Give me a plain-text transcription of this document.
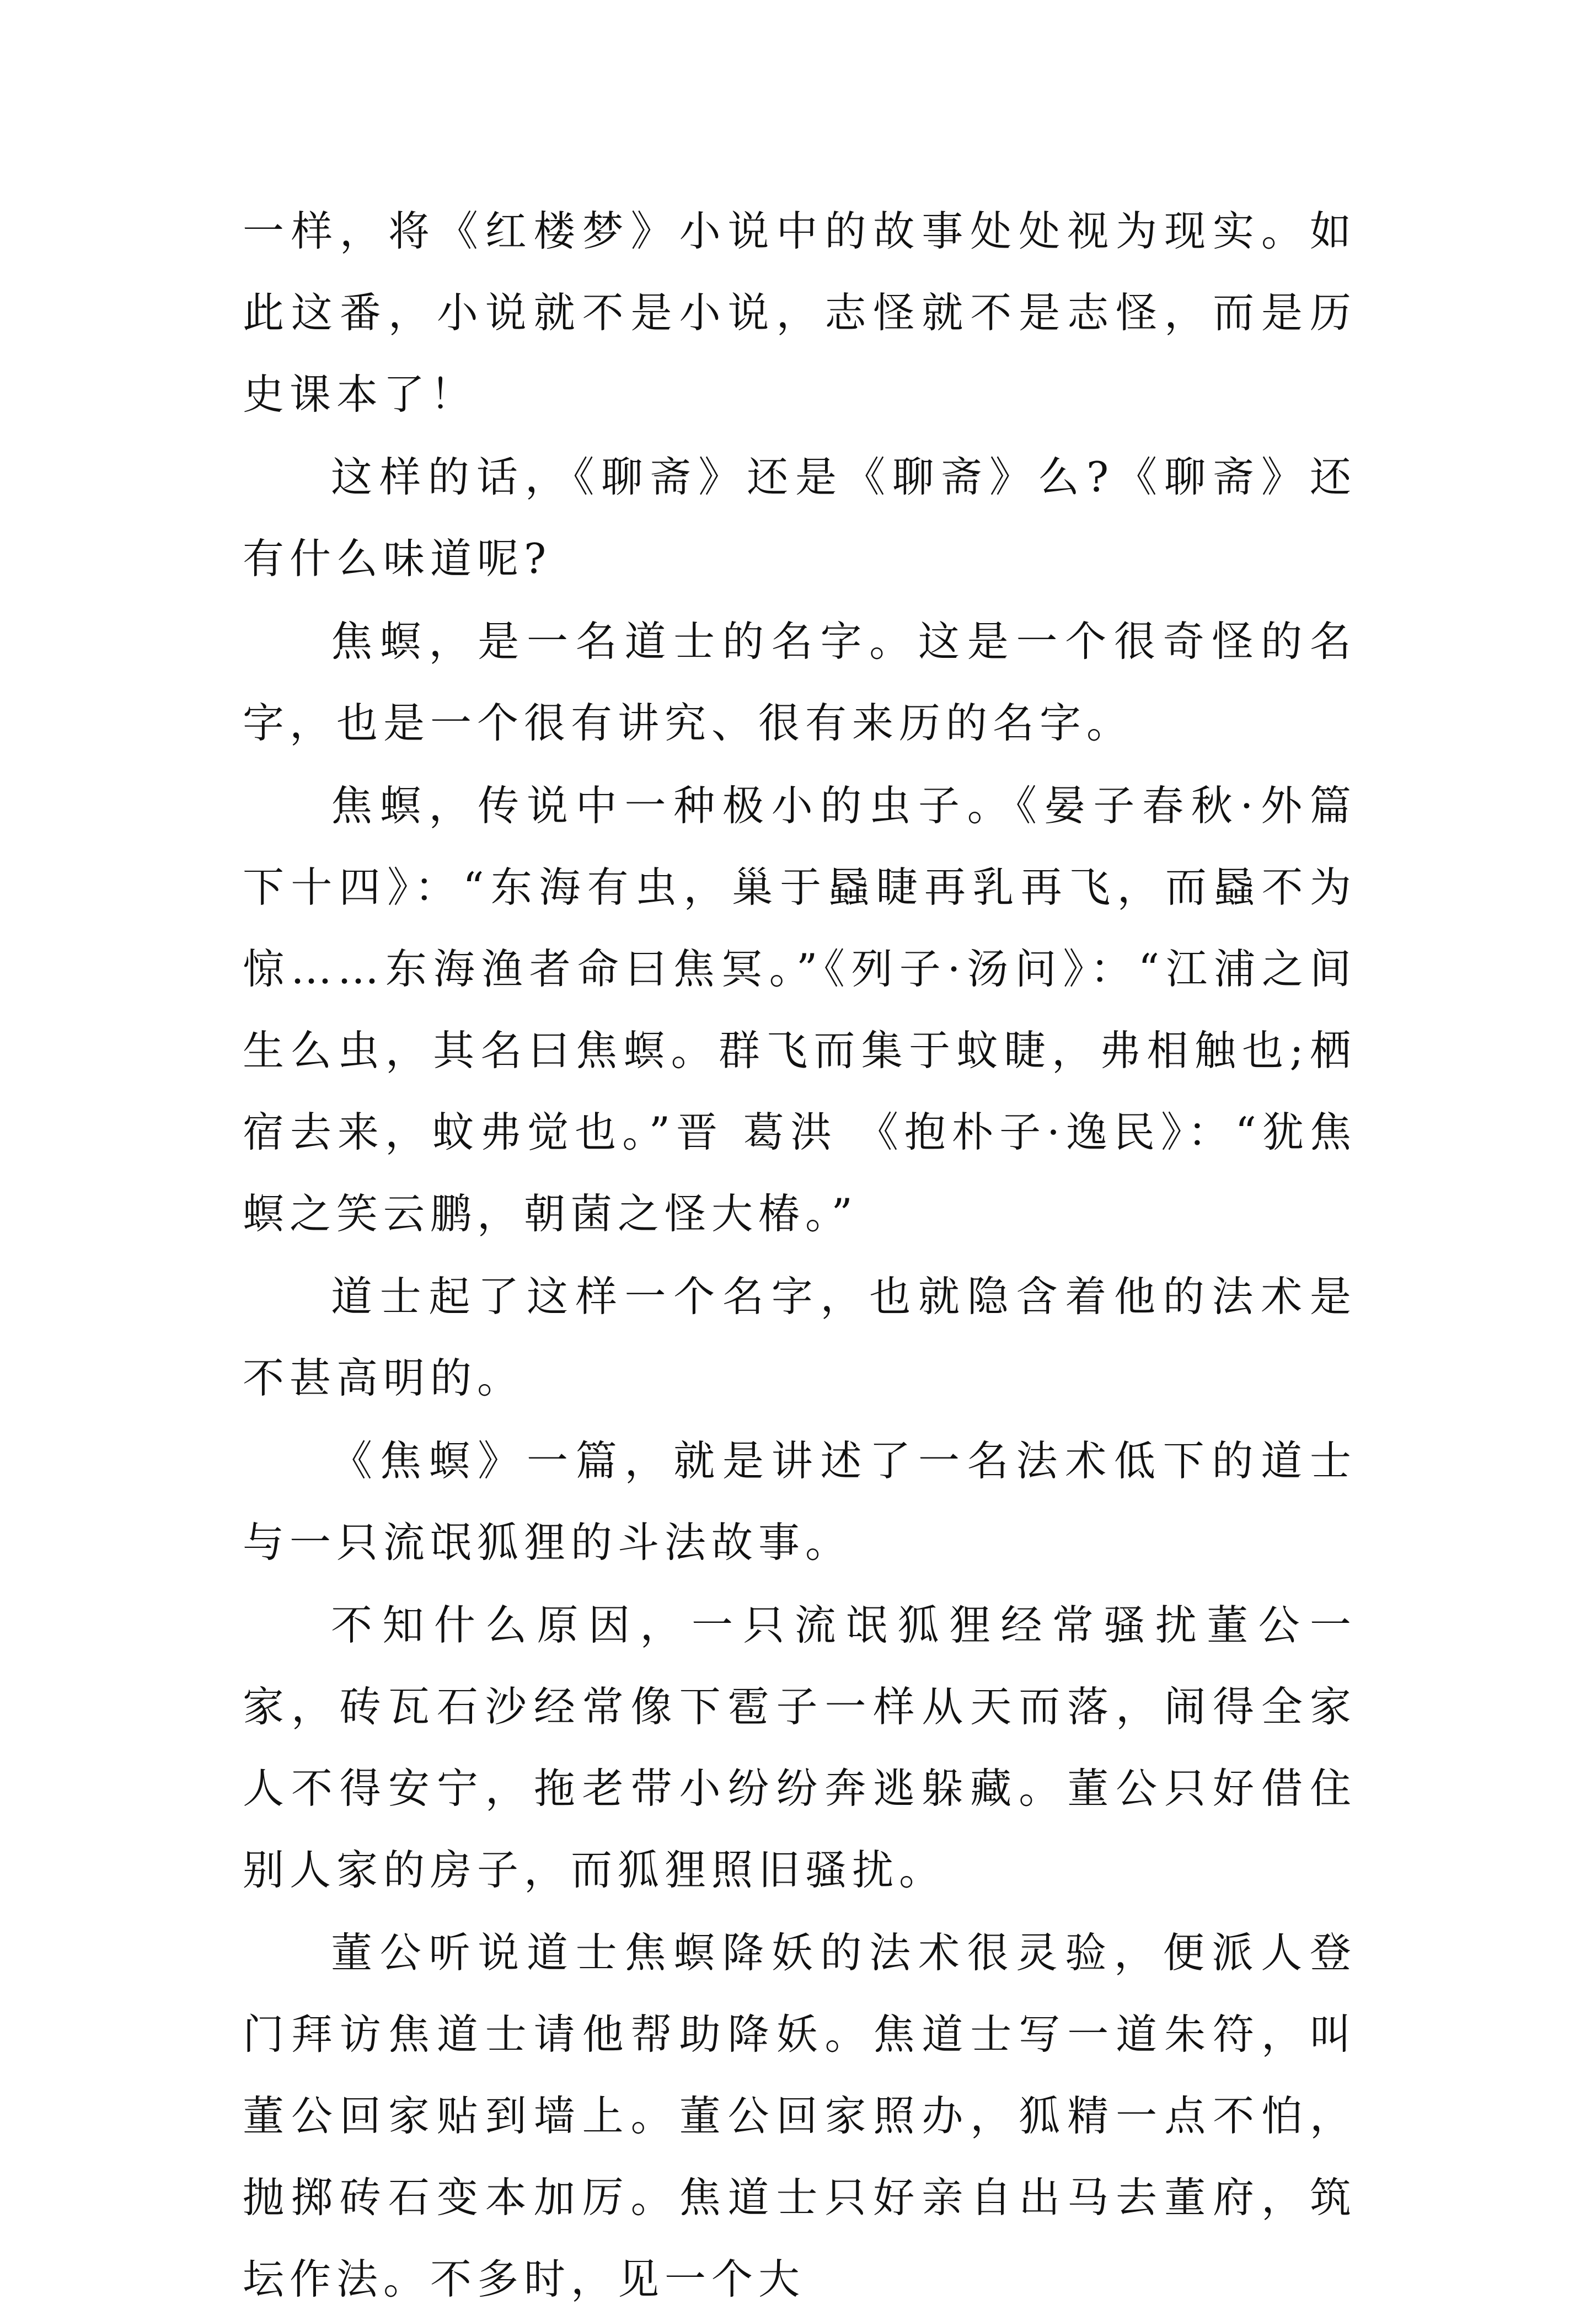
一样，将《红楼梦》小说中的故事处处视为现实。如此这番，小说就不是小说，志怪就不是志怪，而是历史课本了！

这样的话，《聊斋》还是《聊斋》么?《聊斋》还有什么味道呢?

焦螟，是一名道士的名字。这是一个很奇怪的名字，也是一个很有讲究、很有来历的名字。

焦螟，传说中一种极小的虫子。《晏子春秋·外篇下十四》：“东海有虫，巢于蟁睫再乳再飞，而蟁不为惊……东海渔者命曰焦冥。”《列子·汤问》：“江浦之间生么虫，其名曰焦螟。群飞而集于蚊睫，弗相触也;栖宿去来，蚊弗觉也。”晋 葛洪 《抱朴子·逸民》：“犹焦螟之笑云鹏，朝菌之怪大椿。”

道士起了这样一个名字，也就隐含着他的法术是不甚高明的。

《焦螟》一篇，就是讲述了一名法术低下的道士与一只流氓狐狸的斗法故事。

不知什么原因，一只流氓狐狸经常骚扰董公一家，砖瓦石沙经常像下雹子一样从天而落，闹得全家人不得安宁，拖老带小纷纷奔逃躲藏。董公只好借住别人家的房子，而狐狸照旧骚扰。

董公听说道士焦螟降妖的法术很灵验，便派人登门拜访焦道士请他帮助降妖。焦道士写一道朱符，叫董公回家贴到墙上。董公回家照办，狐精一点不怕，抛掷砖石变本加厉。焦道士只好亲自出马去董府，筑坛作法。不多时，见一个大
